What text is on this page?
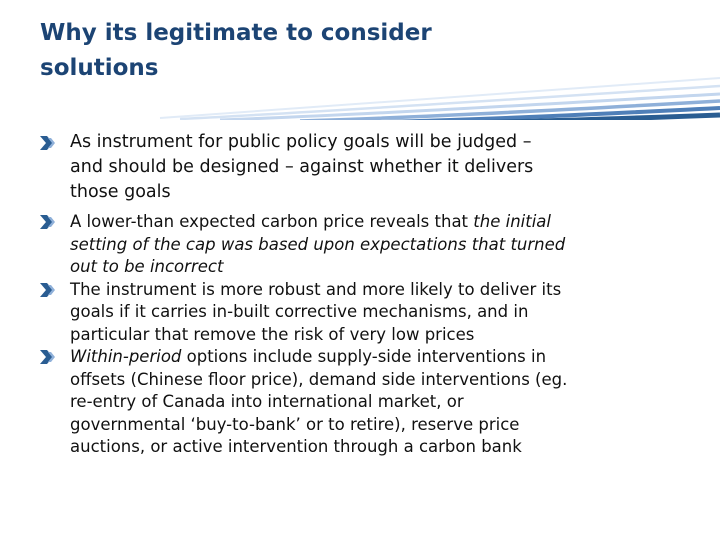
Why its legitimate to consider
solutions
As instrument for public policy goals will be judged –
and should be designed – against whether it delivers
those goals
A lower-than expected carbon price reveals that the initial
setting of the cap was based upon expectations that turned
out to be incorrect
The instrument is more robust and more likely to deliver its
goals if it carries in-built corrective mechanisms, and in
particular that remove the risk of very low prices
Within-period options include supply-side interventions in
offsets (Chinese floor price), demand side interventions (eg.
re-entry of Canada into international market, or
governmental ‘buy-to-bank’ or to retire), reserve price
auctions, or active intervention through a carbon bank
